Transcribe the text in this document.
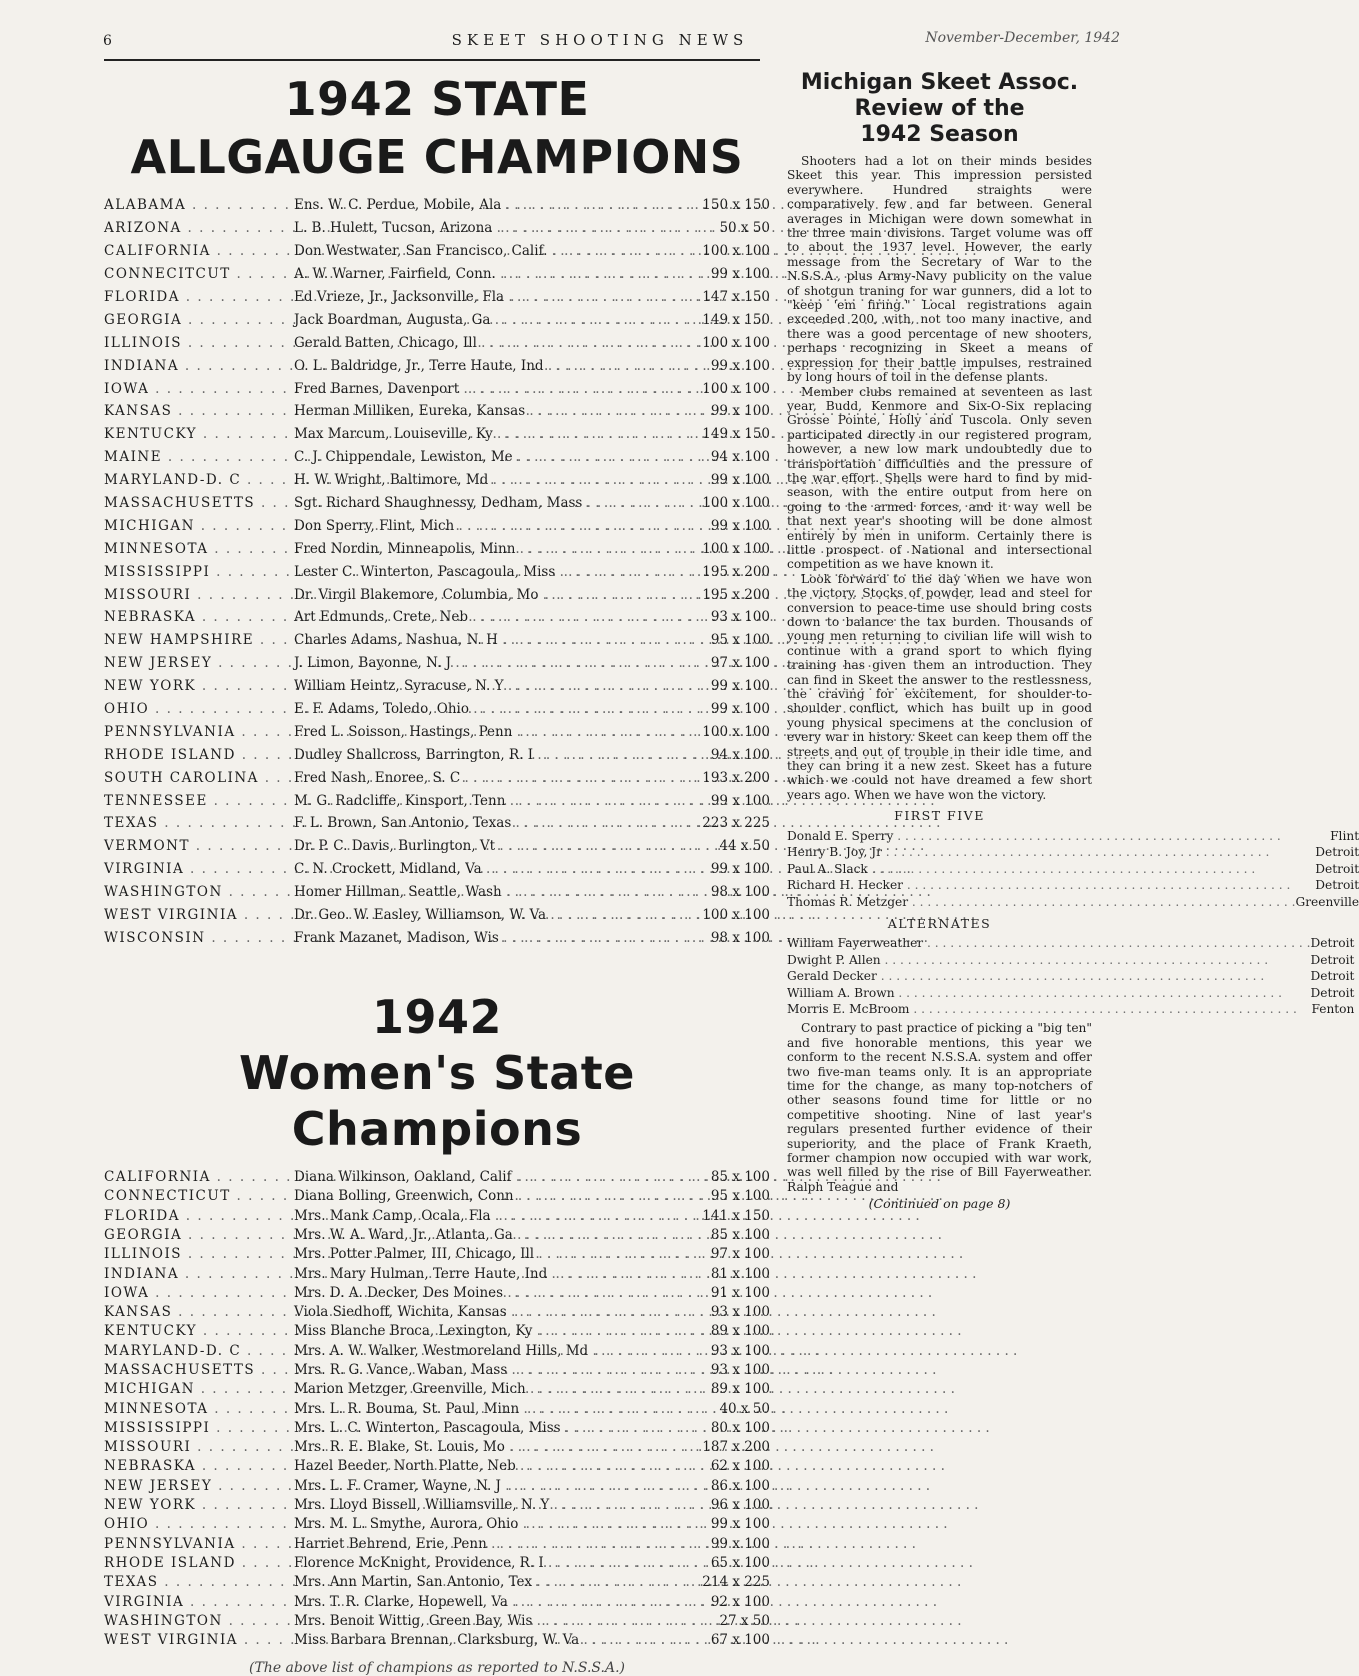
6	SKEET SHOOTING NEWS	November-December, 1942
1942 STATE
ALLGAUGE CHAMPIONS
ALABAMA . . .	Ens. W. C. Perdue, Mobile, Ala . . .	150 x 150

ARIZONA . . .	L. B. Hulett, Tucson, Arizona . . .	50 x 50

CALIFORNIA . . .	Don Westwater, San Francisco, Calif. . . .	100 x 100

CONNECITCUT . . .	A. W. Warner, Fairfield, Conn. . . .	99 x 100

FLORIDA . . .	Ed Vrieze, Jr., Jacksonville, Fla . . .	147 x 150

GEORGIA . . .	Jack Boardman, Augusta, Ga . . .	149 x 150

ILLINOIS . . .	Gerald Batten, Chicago, Ill . . .	100 x 100

INDIANA . . .	O. L. Baldridge, Jr., Terre Haute, Ind . . .	99 x 100

IOWA . . .	Fred Barnes, Davenport . . .	100 x 100

KANSAS . . .	Herman Milliken, Eureka, Kansas . . .	99 x 100

KENTUCKY . . .	Max Marcum, Louiseville, Ky . . .	149 x 150

MAINE . . .	C. J. Chippendale, Lewiston, Me . . .	94 x 100

MARYLAND-D. C . . .	H. W. Wright, Baltimore, Md . . .	99 x 100

MASSACHUSETTS . . .	Sgt. Richard Shaughnessy, Dedham, Mass . . .	100 x 100

MICHIGAN . . .	Don Sperry, Flint, Mich . . .	99 x 100

MINNESOTA . . .	Fred Nordin, Minneapolis, Minn . . .	100 x 100

MISSISSIPPI . . .	Lester C. Winterton, Pascagoula, Miss . . .	195 x 200

MISSOURI . . .	Dr. Virgil Blakemore, Columbia, Mo . . .	195 x 200

NEBRASKA . . .	Art Edmunds, Crete, Neb . . .	93 x 100

NEW HAMPSHIRE . . .	Charles Adams, Nashua, N. H . . .	95 x 100

NEW JERSEY . . .	J. Limon, Bayonne, N. J . . .	97 x 100

NEW YORK . . .	William Heintz, Syracuse, N. Y . . .	99 x 100

OHIO . . .	E. F. Adams, Toledo, Ohio . . .	99 x 100

PENNSYLVANIA . . .	Fred L. Soisson, Hastings, Penn . . .	100 x 100

RHODE ISLAND . . .	Dudley Shallcross, Barrington, R. I . . .	94 x 100

SOUTH CAROLINA . . .	Fred Nash, Enoree, S. C . . .	193 x 200

TENNESSEE . . .	M. G. Radcliffe, Kinsport, Tenn . . .	99 x 100

TEXAS . . .	F. L. Brown, San Antonio, Texas . . .	223 x 225

VERMONT . . .	Dr. P. C. Davis, Burlington, Vt . . .	44 x 50

VIRGINIA . . .	C. N. Crockett, Midland, Va . . .	99 x 100

WASHINGTON . . .	Homer Hillman, Seattle, Wash . . .	98 x 100

WEST VIRGINIA . . .	Dr. Geo. W. Easley, Williamson, W. Va . . .	100 x 100

WISCONSIN . . .	Frank Mazanet, Madison, Wis . . .	98 x 100
1942
Women's State Champions
CALIFORNIA . . .	Diana Wilkinson, Oakland, Calif . . .	85 x 100

CONNECTICUT . . .	Diana Bolling, Greenwich, Conn . . .	95 x 100

FLORIDA . . .	Mrs. Mank Camp, Ocala, Fla . . .	141 x 150

GEORGIA . . .	Mrs. W. A. Ward, Jr., Atlanta, Ga . . .	85 x 100

ILLINOIS . . .	Mrs. Potter Palmer, III, Chicago, Ill . . .	97 x 100

INDIANA . . .	Mrs. Mary Hulman, Terre Haute, Ind . . .	81 x 100

IOWA . . .	Mrs. D. A. Decker, Des Moines . . .	91 x 100

KANSAS . . .	Viola Siedhoff, Wichita, Kansas . . .	93 x 100

KENTUCKY . . .	Miss Blanche Broca, Lexington, Ky . . .	89 x 100

MARYLAND-D. C . . .	Mrs. A. W. Walker, Westmoreland Hills, Md . . .	93 x 100

MASSACHUSETTS . . .	Mrs. R. G. Vance, Waban, Mass . . .	93 x 100

MICHIGAN . . .	Marion Metzger, Greenville, Mich . . .	89 x 100

MINNESOTA . . .	Mrs. L. R. Bouma, St. Paul, Minn . . .	40 x 50

MISSISSIPPI . . .	Mrs. L. C. Winterton, Pascagoula, Miss . . .	80 x 100

MISSOURI . . .	Mrs. R. E. Blake, St. Louis, Mo . . .	187 x 200

NEBRASKA . . .	Hazel Beeder, North Platte, Neb . . .	62 x 100

NEW JERSEY . . .	Mrs. L. F. Cramer, Wayne, N. J . . .	86 x 100

NEW YORK . . .	Mrs. Lloyd Bissell, Williamsville, N. Y . . .	96 x 100

OHIO . . .	Mrs. M. L. Smythe, Aurora, Ohio . . .	99 x 100

PENNSYLVANIA . . .	Harriet Behrend, Erie, Penn . . .	99 x 100

RHODE ISLAND . . .	Florence McKnight, Providence, R. I . . .	65 x 100

TEXAS . . .	Mrs. Ann Martin, San Antonio, Tex . . .	214 x 225

VIRGINIA . . .	Mrs. T. R. Clarke, Hopewell, Va . . .	92 x 100

WASHINGTON . . .	Mrs. Benoit Wittig, Green Bay, Wis . . .	27 x 50

WEST VIRGINIA . . .	Miss Barbara Brennan, Clarksburg, W. Va . . .	67 x 100
(The above list of champions as reported to N.S.S.A.)
Michigan Skeet Assoc.
Review of the
1942 Season

Shooters had a lot on their minds besides Skeet this year. This impression persisted everywhere. Hundred straights were comparatively few and far between. General averages in Michigan were down somewhat in the three main divisions. Target volume was off to about the 1937 level. However, the early message from the Secretary of War to the N.S.S.A., plus Army-Navy publicity on the value of shotgun traning for war gunners, did a lot to "keep 'em firing." Local registrations again exceeded 200, with, not too many inactive, and there was a good percentage of new shooters, perhaps recognizing in Skeet a means of expression for their battle impulses, restrained by long hours of toil in the defense plants.

Member clubs remained at seventeen as last year, Budd, Kenmore and Six-O-Six replacing Grosse Pointe, Holly and Tuscola. Only seven participated directly in our registered program, however, a new low mark undoubtedly due to transportation difficulties and the pressure of the war effort. Shells were hard to find by mid-season, with the entire output from here on going to the armed forces, and it way well be that next year's shooting will be done almost entirely by men in uniform. Certainly there is little prospect of National and intersectional competition as we have known it.

Look forward to the day when we have won the victory. Stocks of powder, lead and steel for conversion to peace-time use should bring costs down to balance the tax burden. Thousands of young men returning to civilian life will wish to continue with a grand sport to which flying training has given them an introduction. They can find in Skeet the answer to the restlessness, the craving for excitement, for shoulder-to-shoulder conflict, which has built up in good young physical specimens at the conclusion of every war in history. Skeet can keep them off the streets and out of trouble in their idle time, and they can bring it a new zest. Skeet has a future which we could not have dreamed a few short years ago. When we have won the victory.

FIRST FIVE
Donald E. Sperry . . .	Flint

Henry B. Joy, Jr . . .	Detroit

Paul A. Slack . . .	Detroit

Richard H. Hecker . . .	Detroit

Thomas R. Metzger . . .	Greenville
ALTERNATES
William Fayerweather . . .	Detroit

Dwight P. Allen . . .	Detroit

Gerald Decker . . .	Detroit

William A. Brown . . .	Detroit

Morris E. McBroom . . .	Fenton

Contrary to past practice of picking a "big ten" and five honorable mentions, this year we conform to the recent N.S.S.A. system and offer two five-man teams only. It is an appropriate time for the change, as many top-notchers of other seasons found time for little or no competitive shooting. Nine of last year's regulars presented further evidence of their superiority, and the place of Frank Kraeth, former champion now occupied with war work, was well filled by the rise of Bill Fayerweather. Ralph Teague and

(Continued on page 8)
